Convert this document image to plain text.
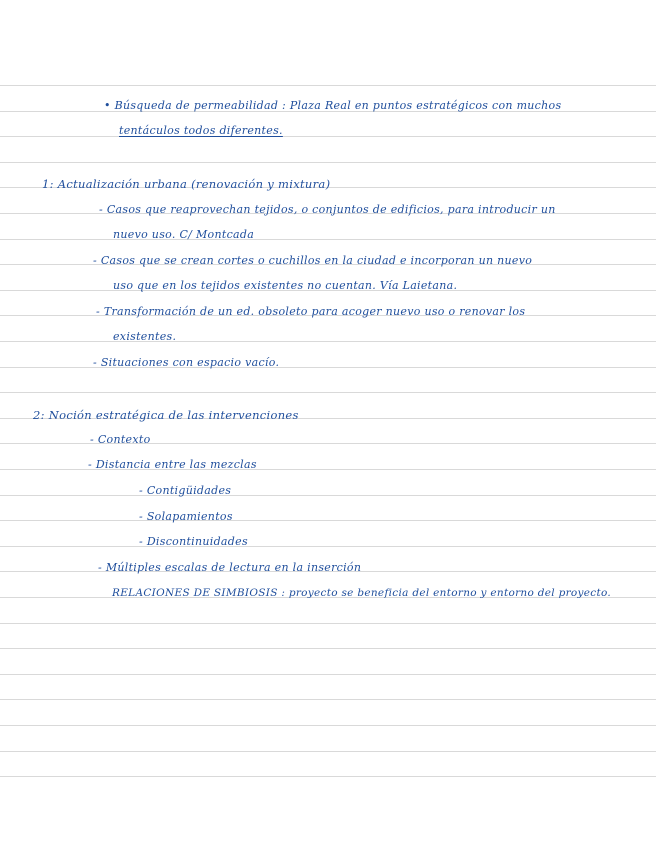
• Búsqueda de permeabilidad : Plaza Real en puntos estratégicos con muchos
tentáculos todos diferentes.
1: Actualización urbana (renovación y mixtura)
- Casos que reaprovechan tejidos, o conjuntos de edificios, para introducir un
nuevo uso. C/ Montcada
- Casos que se crean cortes o cuchillos en la ciudad e incorporan un nuevo
uso que en los tejidos existentes no cuentan. Vía Laietana.
- Transformación de un ed. obsoleto para acoger nuevo uso o renovar los
existentes.
- Situaciones con espacio vacío.
2: Noción estratégica de las intervenciones
- Contexto
- Distancia entre las mezclas
- Contigüidades
- Solapamientos
- Discontinuidades
- Múltiples escalas de lectura en la inserción
RELACIONES DE SIMBIOSIS : proyecto se beneficia del entorno y entorno del proyecto.
